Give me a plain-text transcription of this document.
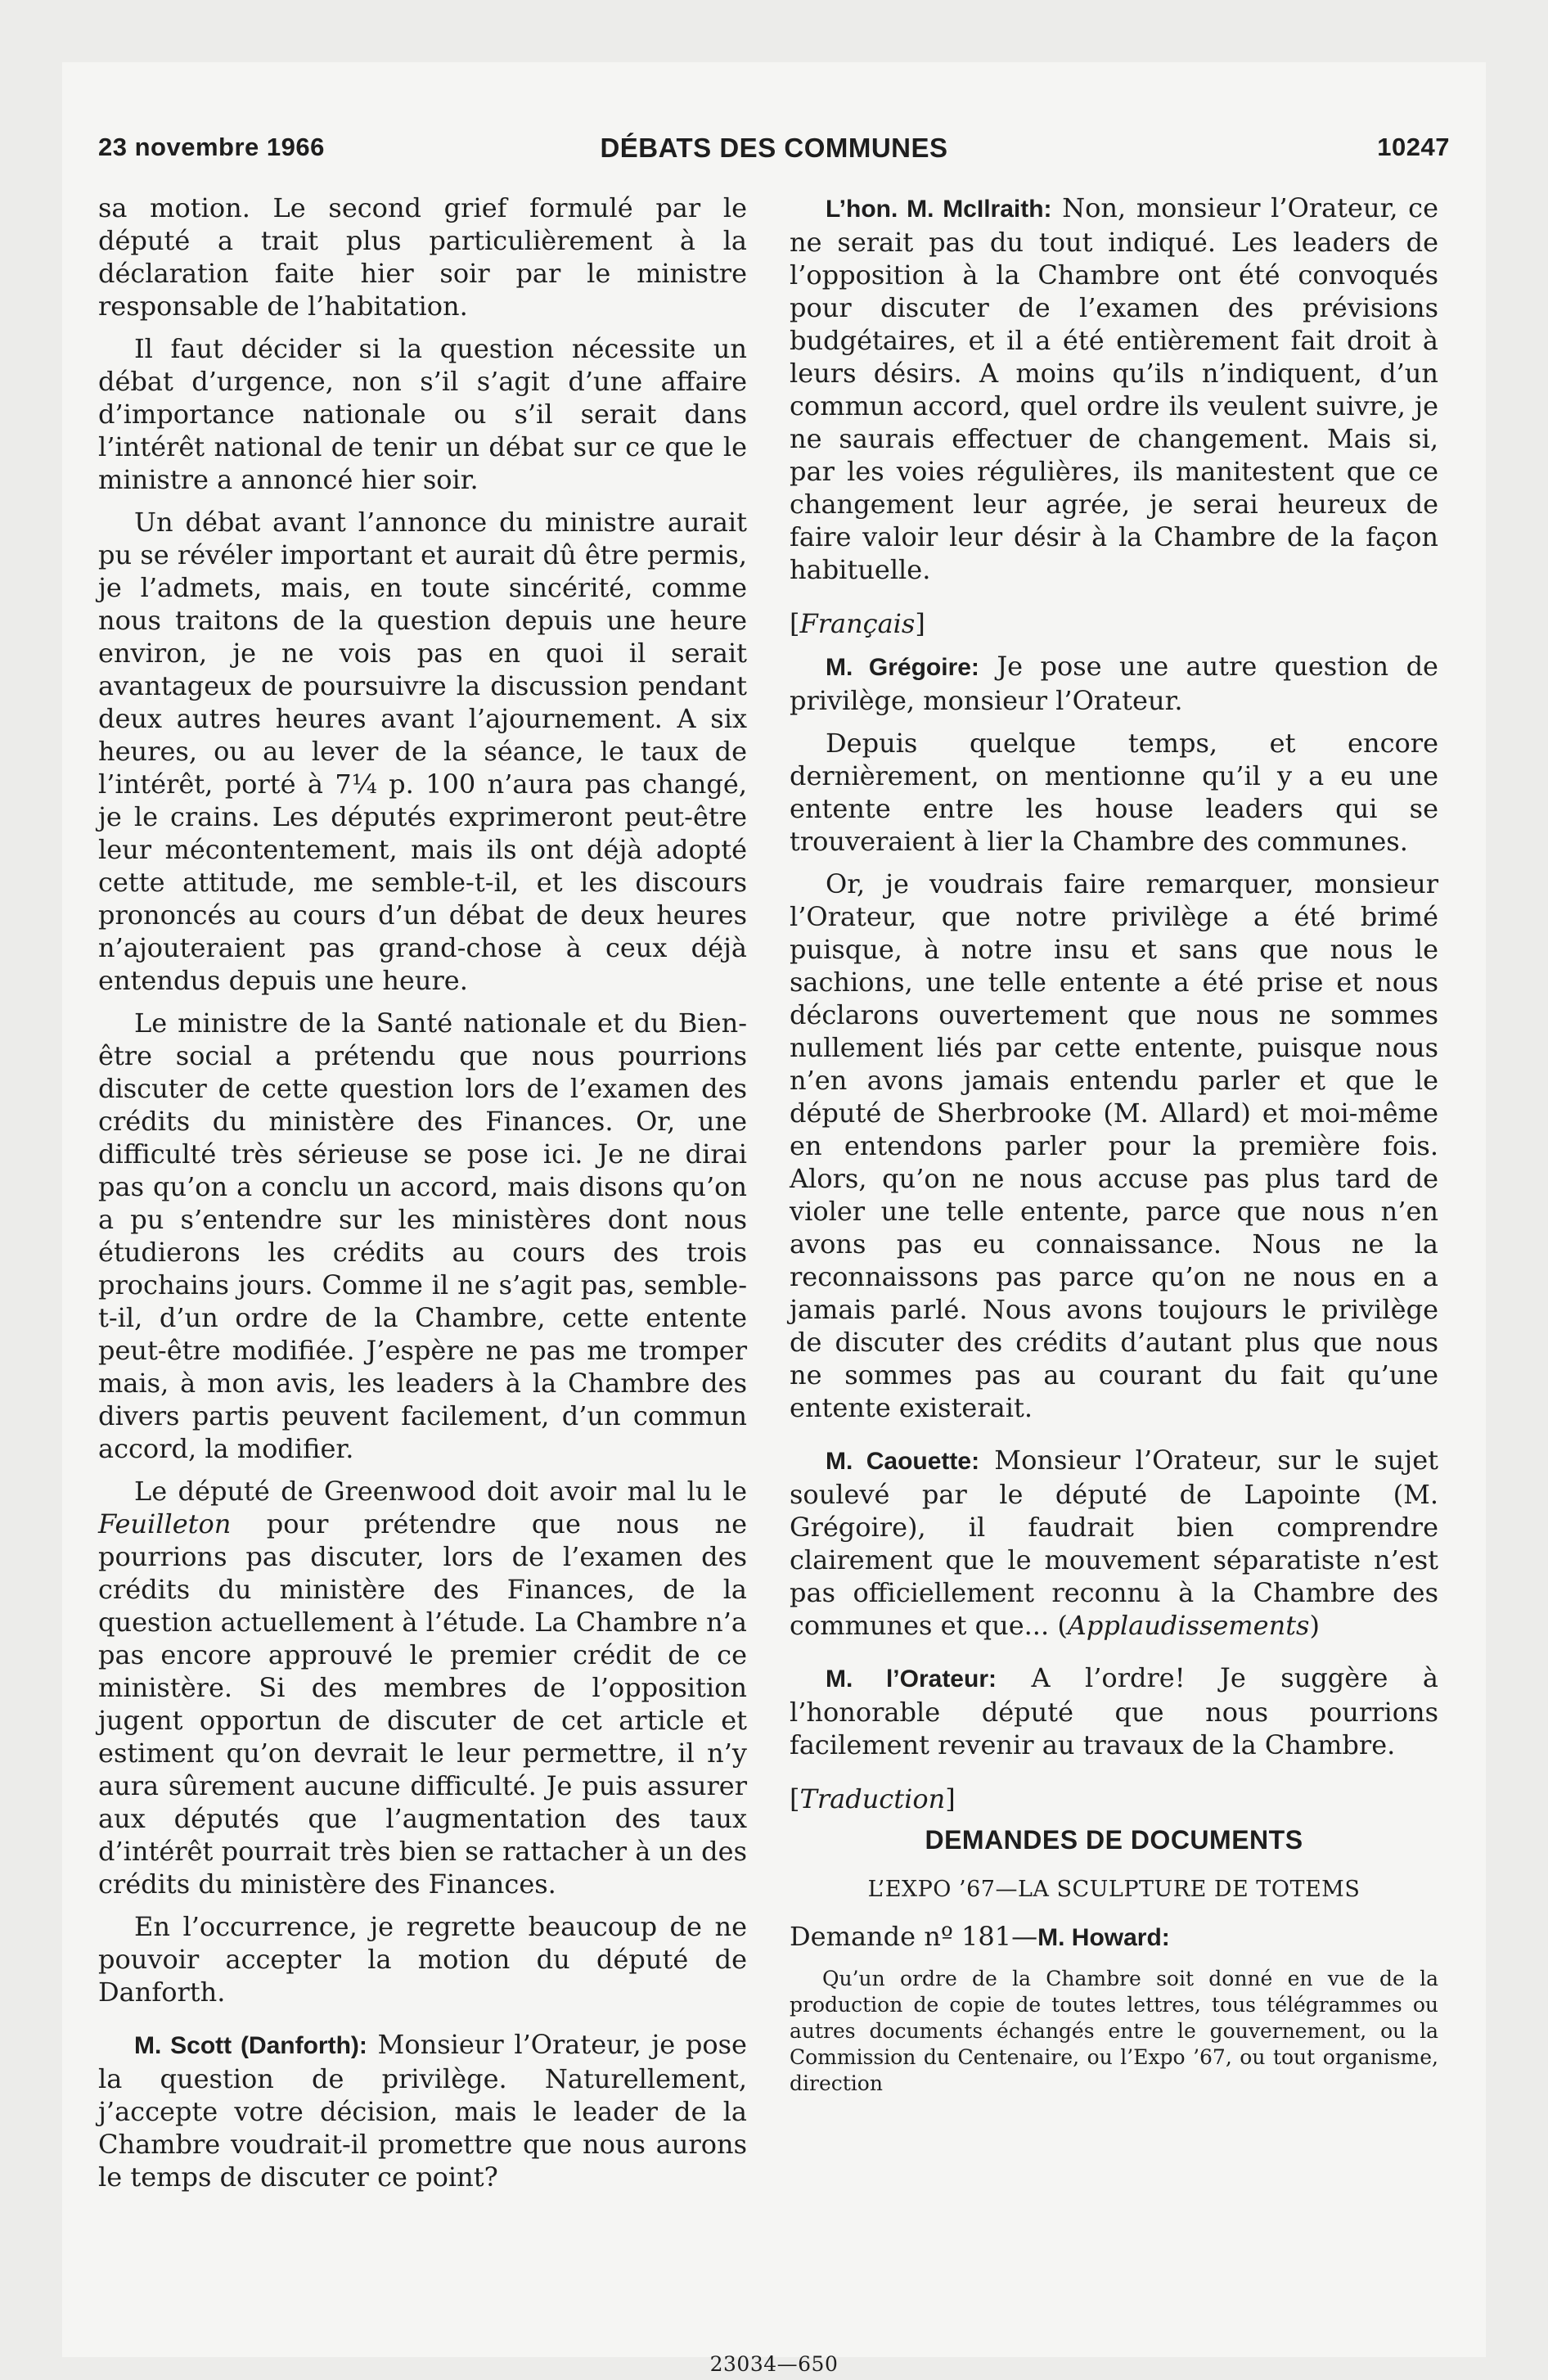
23 novembre 1966	DÉBATS DES COMMUNES	10247

sa motion. Le second grief formulé par le député a trait plus particulièrement à la déclaration faite hier soir par le ministre responsable de l’habitation.

Il faut décider si la question nécessite un débat d’urgence, non s’il s’agit d’une affaire d’importance nationale ou s’il serait dans l’intérêt national de tenir un débat sur ce que le ministre a annoncé hier soir.

Un débat avant l’annonce du ministre aurait pu se révéler important et aurait dû être permis, je l’admets, mais, en toute sincérité, comme nous traitons de la question depuis une heure environ, je ne vois pas en quoi il serait avantageux de poursuivre la discussion pendant deux autres heures avant l’ajournement. A six heures, ou au lever de la séance, le taux de l’intérêt, porté à 7¼ p. 100 n’aura pas changé, je le crains. Les députés exprimeront peut-être leur mécontentement, mais ils ont déjà adopté cette attitude, me semble-t-il, et les discours prononcés au cours d’un débat de deux heures n’ajouteraient pas grand-chose à ceux déjà entendus depuis une heure.

Le ministre de la Santé nationale et du Bien-être social a prétendu que nous pourrions discuter de cette question lors de l’examen des crédits du ministère des Finances. Or, une difficulté très sérieuse se pose ici. Je ne dirai pas qu’on a conclu un accord, mais disons qu’on a pu s’entendre sur les ministères dont nous étudierons les crédits au cours des trois prochains jours. Comme il ne s’agit pas, semble-t-il, d’un ordre de la Chambre, cette entente peut-être modifiée. J’espère ne pas me tromper mais, à mon avis, les leaders à la Chambre des divers partis peuvent facilement, d’un commun accord, la modifier.

Le député de Greenwood doit avoir mal lu le Feuilleton pour prétendre que nous ne pourrions pas discuter, lors de l’examen des crédits du ministère des Finances, de la question actuellement à l’étude. La Chambre n’a pas encore approuvé le premier crédit de ce ministère. Si des membres de l’opposition jugent opportun de discuter de cet article et estiment qu’on devrait le leur permettre, il n’y aura sûrement aucune difficulté. Je puis assurer aux députés que l’augmentation des taux d’intérêt pourrait très bien se rattacher à un des crédits du ministère des Finances.

En l’occurrence, je regrette beaucoup de ne pouvoir accepter la motion du député de Danforth.

M. Scott (Danforth): Monsieur l’Orateur, je pose la question de privilège. Naturellement, j’accepte votre décision, mais le leader de la Chambre voudrait-il promettre que nous aurons le temps de discuter ce point?

L’hon. M. McIlraith: Non, monsieur l’Orateur, ce ne serait pas du tout indiqué. Les leaders de l’opposition à la Chambre ont été convoqués pour discuter de l’examen des prévisions budgétaires, et il a été entièrement fait droit à leurs désirs. A moins qu’ils n’indiquent, d’un commun accord, quel ordre ils veulent suivre, je ne saurais effectuer de changement. Mais si, par les voies régulières, ils manitestent que ce changement leur agrée, je serai heureux de faire valoir leur désir à la Chambre de la façon habituelle.

[Français]

M. Grégoire: Je pose une autre question de privilège, monsieur l’Orateur.

Depuis quelque temps, et encore dernièrement, on mentionne qu’il y a eu une entente entre les house leaders qui se trouveraient à lier la Chambre des communes.

Or, je voudrais faire remarquer, monsieur l’Orateur, que notre privilège a été brimé puisque, à notre insu et sans que nous le sachions, une telle entente a été prise et nous déclarons ouvertement que nous ne sommes nullement liés par cette entente, puisque nous n’en avons jamais entendu parler et que le député de Sherbrooke (M. Allard) et moi-même en entendons parler pour la première fois. Alors, qu’on ne nous accuse pas plus tard de violer une telle entente, parce que nous n’en avons pas eu connaissance. Nous ne la reconnaissons pas parce qu’on ne nous en a jamais parlé. Nous avons toujours le privilège de discuter des crédits d’autant plus que nous ne sommes pas au courant du fait qu’une entente existerait.

M. Caouette: Monsieur l’Orateur, sur le sujet soulevé par le député de Lapointe (M. Grégoire), il faudrait bien comprendre clairement que le mouvement séparatiste n’est pas officiellement reconnu à la Chambre des communes et que... (Applaudissements)

M. l’Orateur: A l’ordre! Je suggère à l’honorable député que nous pourrions facilement revenir au travaux de la Chambre.

[Traduction]

DEMANDES DE DOCUMENTS
L’EXPO ’67—LA SCULPTURE DE TOTEMS

Demande nº 181—M. Howard:

Qu’un ordre de la Chambre soit donné en vue de la production de copie de toutes lettres, tous télégrammes ou autres documents échangés entre le gouvernement, ou la Commission du Centenaire, ou l’Expo ’67, ou tout organisme, direction

23034—650
